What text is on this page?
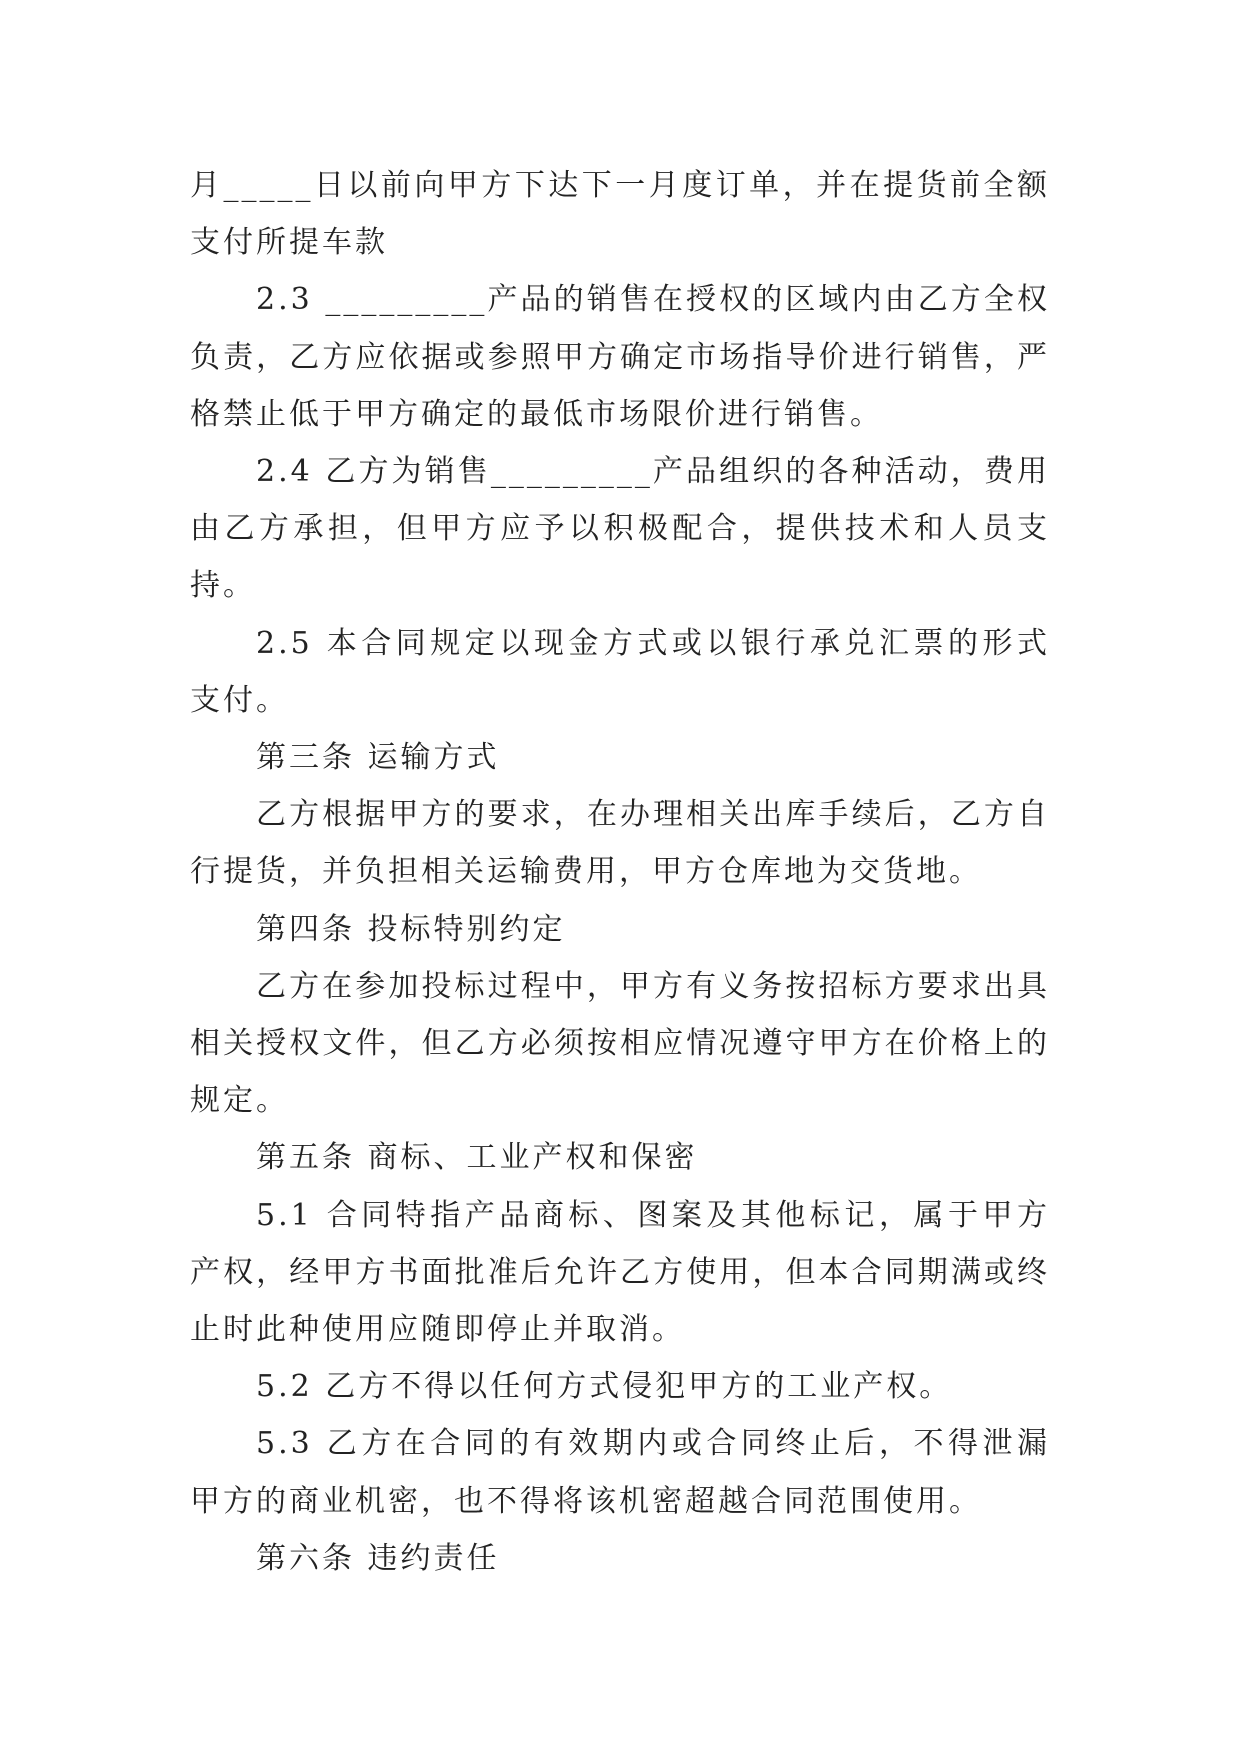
月_____日以前向甲方下达下一月度订单，并在提货前全额支付所提车款

2.3 _________产品的销售在授权的区域内由乙方全权负责，乙方应依据或参照甲方确定市场指导价进行销售，严格禁止低于甲方确定的最低市场限价进行销售。

2.4 乙方为销售_________产品组织的各种活动，费用由乙方承担，但甲方应予以积极配合，提供技术和人员支持。

2.5 本合同规定以现金方式或以银行承兑汇票的形式支付。

第三条 运输方式

乙方根据甲方的要求，在办理相关出库手续后，乙方自行提货，并负担相关运输费用，甲方仓库地为交货地。

第四条 投标特别约定

乙方在参加投标过程中，甲方有义务按招标方要求出具相关授权文件，但乙方必须按相应情况遵守甲方在价格上的规定。

第五条 商标、工业产权和保密

5.1 合同特指产品商标、图案及其他标记，属于甲方产权，经甲方书面批准后允许乙方使用，但本合同期满或终止时此种使用应随即停止并取消。

5.2 乙方不得以任何方式侵犯甲方的工业产权。

5.3 乙方在合同的有效期内或合同终止后，不得泄漏甲方的商业机密，也不得将该机密超越合同范围使用。

第六条 违约责任
